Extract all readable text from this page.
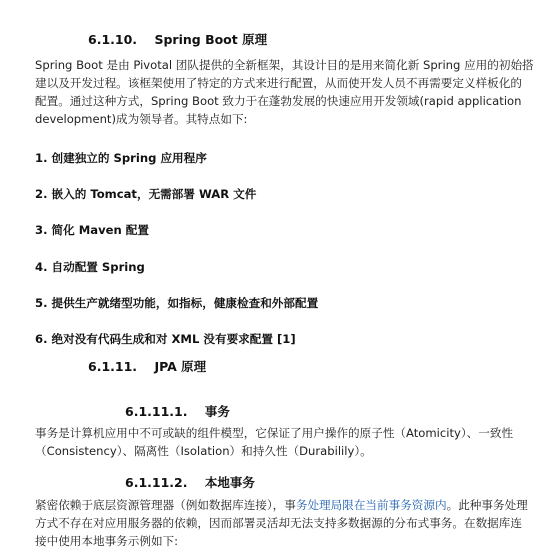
6.1.10. Spring Boot 原理
Spring Boot 是由 Pivotal 团队提供的全新框架，其设计目的是用来简化新 Spring 应用的初始搭
建以及开发过程。该框架使用了特定的方式来进行配置，从而使开发人员不再需要定义样板化的
配置。通过这种方式，Spring Boot 致力于在蓬勃发展的快速应用开发领域(rapid application
development)成为领导者。其特点如下:
1. 创建独立的 Spring 应用程序
2. 嵌入的 Tomcat，无需部署 WAR 文件
3. 简化 Maven 配置
4. 自动配置 Spring
5. 提供生产就绪型功能，如指标，健康检查和外部配置
6. 绝对没有代码生成和对 XML 没有要求配置 [1]
6.1.11. JPA 原理
6.1.11.1. 事务
事务是计算机应用中不可或缺的组件模型，它保证了用户操作的原子性（Atomicity）、一致性
（Consistency）、隔离性（Isolation）和持久性（Durabilily）。
6.1.11.2. 本地事务
紧密依赖于底层资源管理器（例如数据库连接），事务处理局限在当前事务资源内。此种事务处理
方式不存在对应用服务器的依赖，因而部署灵活却无法支持多数据源的分布式事务。在数据库连
接中使用本地事务示例如下:
